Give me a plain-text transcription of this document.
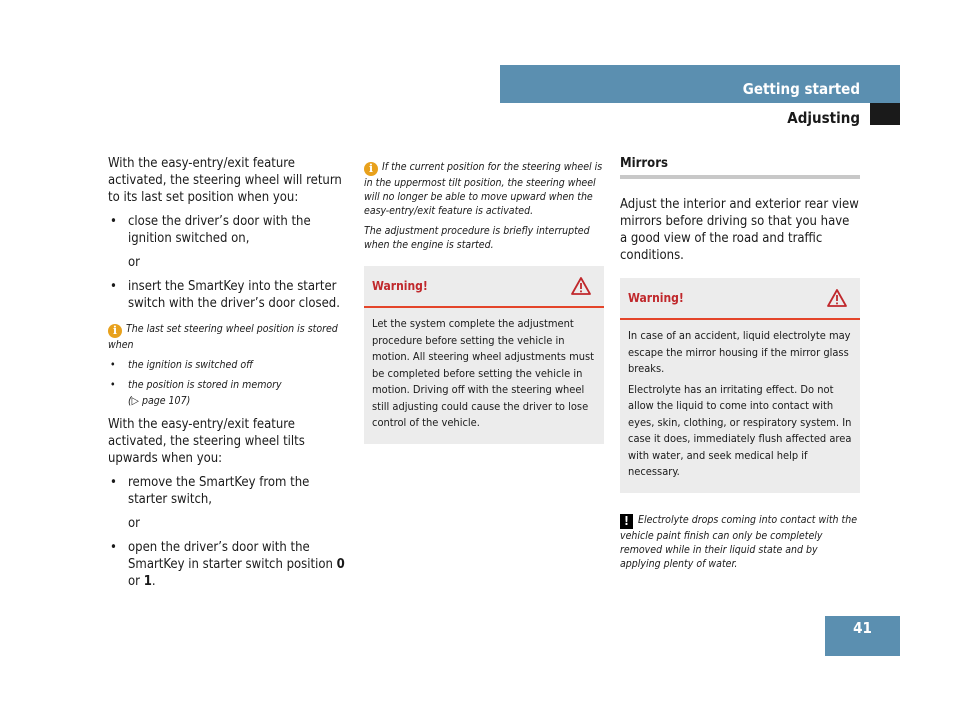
Getting started
Adjusting

With the easy-entry/exit feature activated, the steering wheel will return to its last set position when you:

• close the driver’s door with the ignition switched on,
or
• insert the SmartKey into the starter switch with the driver’s door closed.

i The last set steering wheel position is stored when

• the ignition is switched off
• the position is stored in memory

(▷ page 107)

With the easy-entry/exit feature activated, the steering wheel tilts upwards when you:

• remove the SmartKey from the starter switch,
or
• open the driver’s door with the SmartKey in starter switch position 0
or 1.

i If the current position for the steering wheel is in the uppermost tilt position, the steering wheel will no longer be able to move upward when the easy-entry/exit feature is activated.

The adjustment procedure is briefly interrupted when the engine is started.

Warning!

Let the system complete the adjustment procedure before setting the vehicle in motion. All steering wheel adjustments must be completed before setting the vehicle in motion. Driving off with the steering wheel still adjusting could cause the driver to lose control of the vehicle.

Mirrors

Adjust the interior and exterior rear view mirrors before driving so that you have a good view of the road and traffic conditions.

Warning!

In case of an accident, liquid electrolyte may escape the mirror housing if the mirror glass breaks.

Electrolyte has an irritating effect. Do not allow the liquid to come into contact with eyes, skin, clothing, or respiratory system. In case it does, immediately flush affected area with water, and seek medical help if necessary.

! Electrolyte drops coming into contact with the vehicle paint finish can only be completely removed while in their liquid state and by applying plenty of water.

41
